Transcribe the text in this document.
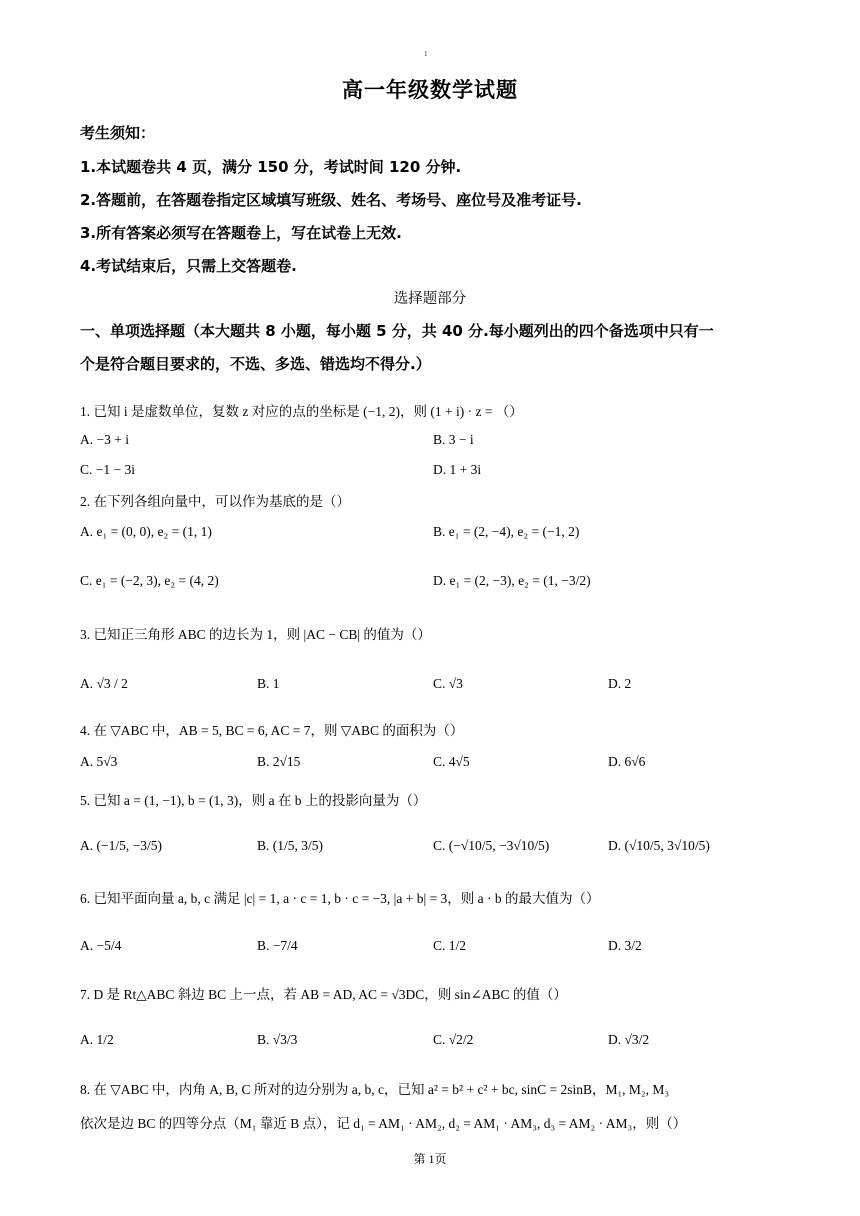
1
高一年级数学试题
考生须知：
1.本试题卷共 4 页，满分 150 分，考试时间 120 分钟.
2.答题前，在答题卷指定区域填写班级、姓名、考场号、座位号及准考证号.
3.所有答案必须写在答题卷上，写在试卷上无效.
4.考试结束后，只需上交答题卷.
选择题部分
一、单项选择题（本大题共 8 小题，每小题 5 分，共 40 分.每小题列出的四个备选项中只有一
个是符合题目要求的，不选、多选、错选均不得分.）
1. 已知 i 是虚数单位，复数 z 对应的点的坐标是 (−1, 2)，则 (1 + i) · z = （）
A. −3 + i	B. 3 − i
C. −1 − 3i	D. 1 + 3i
2. 在下列各组向量中，可以作为基底的是（）
A. e₁ = (0, 0), e₂ = (1, 1)	B. e₁ = (2, −4), e₂ = (−1, 2)
C. e₁ = (−2, 3), e₂ = (4, 2)	D. e₁ = (2, −3), e₂ = (1, −3/2)
3. 已知正三角形 ABC 的边长为 1，则 |AC − CB| 的值为（）
A. √3 / 2	B. 1	C. √3	D. 2
4. 在 ▽ABC 中，AB = 5, BC = 6, AC = 7，则 ▽ABC 的面积为（）
A. 5√3	B. 2√15	C. 4√5	D. 6√6
5. 已知 a = (1, −1), b = (1, 3)，则 a 在 b 上的投影向量为（）
A. (−1/5, −3/5)	B. (1/5, 3/5)	C. (−√10/5, −3√10/5)	D. (√10/5, 3√10/5)
6. 已知平面向量 a, b, c 满足 |c| = 1, a · c = 1, b · c = −3, |a + b| = 3，则 a · b 的最大值为（）
A. −5/4	B. −7/4	C. 1/2	D. 3/2
7. D 是 Rt△ABC 斜边 BC 上一点，若 AB = AD, AC = √3DC，则 sin∠ABC 的值（）
A. 1/2	B. √3/3	C. √2/2	D. √3/2
8. 在 ▽ABC 中，内角 A, B, C 所对的边分别为 a, b, c，已知 a² = b² + c² + bc, sinC = 2sinB，M₁, M₂, M₃
依次是边 BC 的四等分点（M₁ 靠近 B 点），记 d₁ = AM₁ · AM₂, d₂ = AM₁ · AM₃, d₃ = AM₂ · AM₃，则（）
第 1页
